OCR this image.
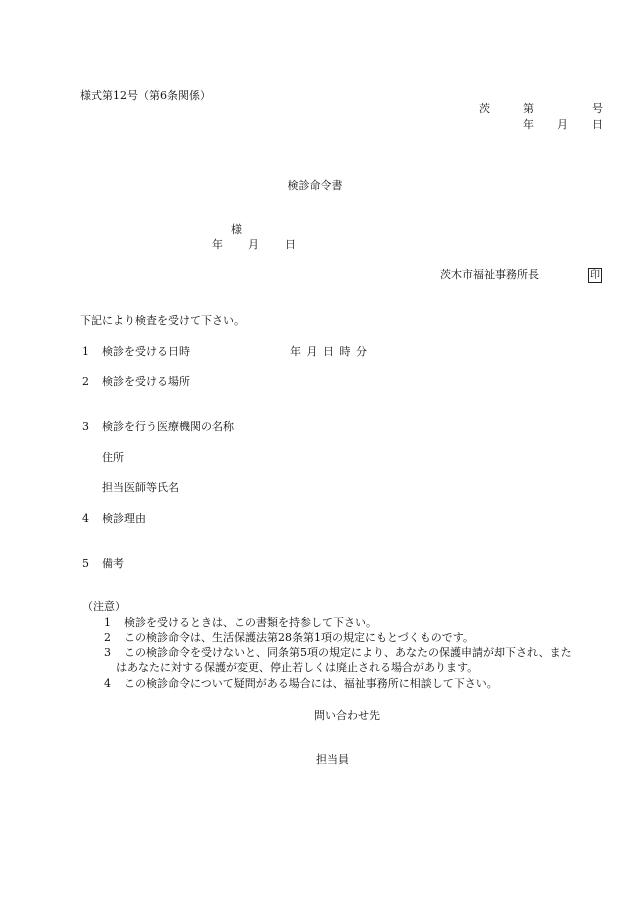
様式第12号（第6条関係）
茨	第	号
年 月 日
検診命令書
様
年 月 日
茨木市福祉事務所長	印
下記により検査を受けて下さい。
1 検診を受ける日時	年 月 日 時 分
2 検診を受ける場所
3 検診を行う医療機関の名称
住所
担当医師等氏名
4 検診理由
5 備考
（注意）
1 検診を受けるときは、この書類を持参して下さい。
2 この検診命令は、生活保護法第28条第1項の規定にもとづくものです。
3 この検診命令を受けないと、同条第5項の規定により、あなたの保護申請が却下され、また
はあなたに対する保護が変更、停止若しくは廃止される場合があります。
4 この検診命令について疑問がある場合には、福祉事務所に相談して下さい。
問い合わせ先
担当員
